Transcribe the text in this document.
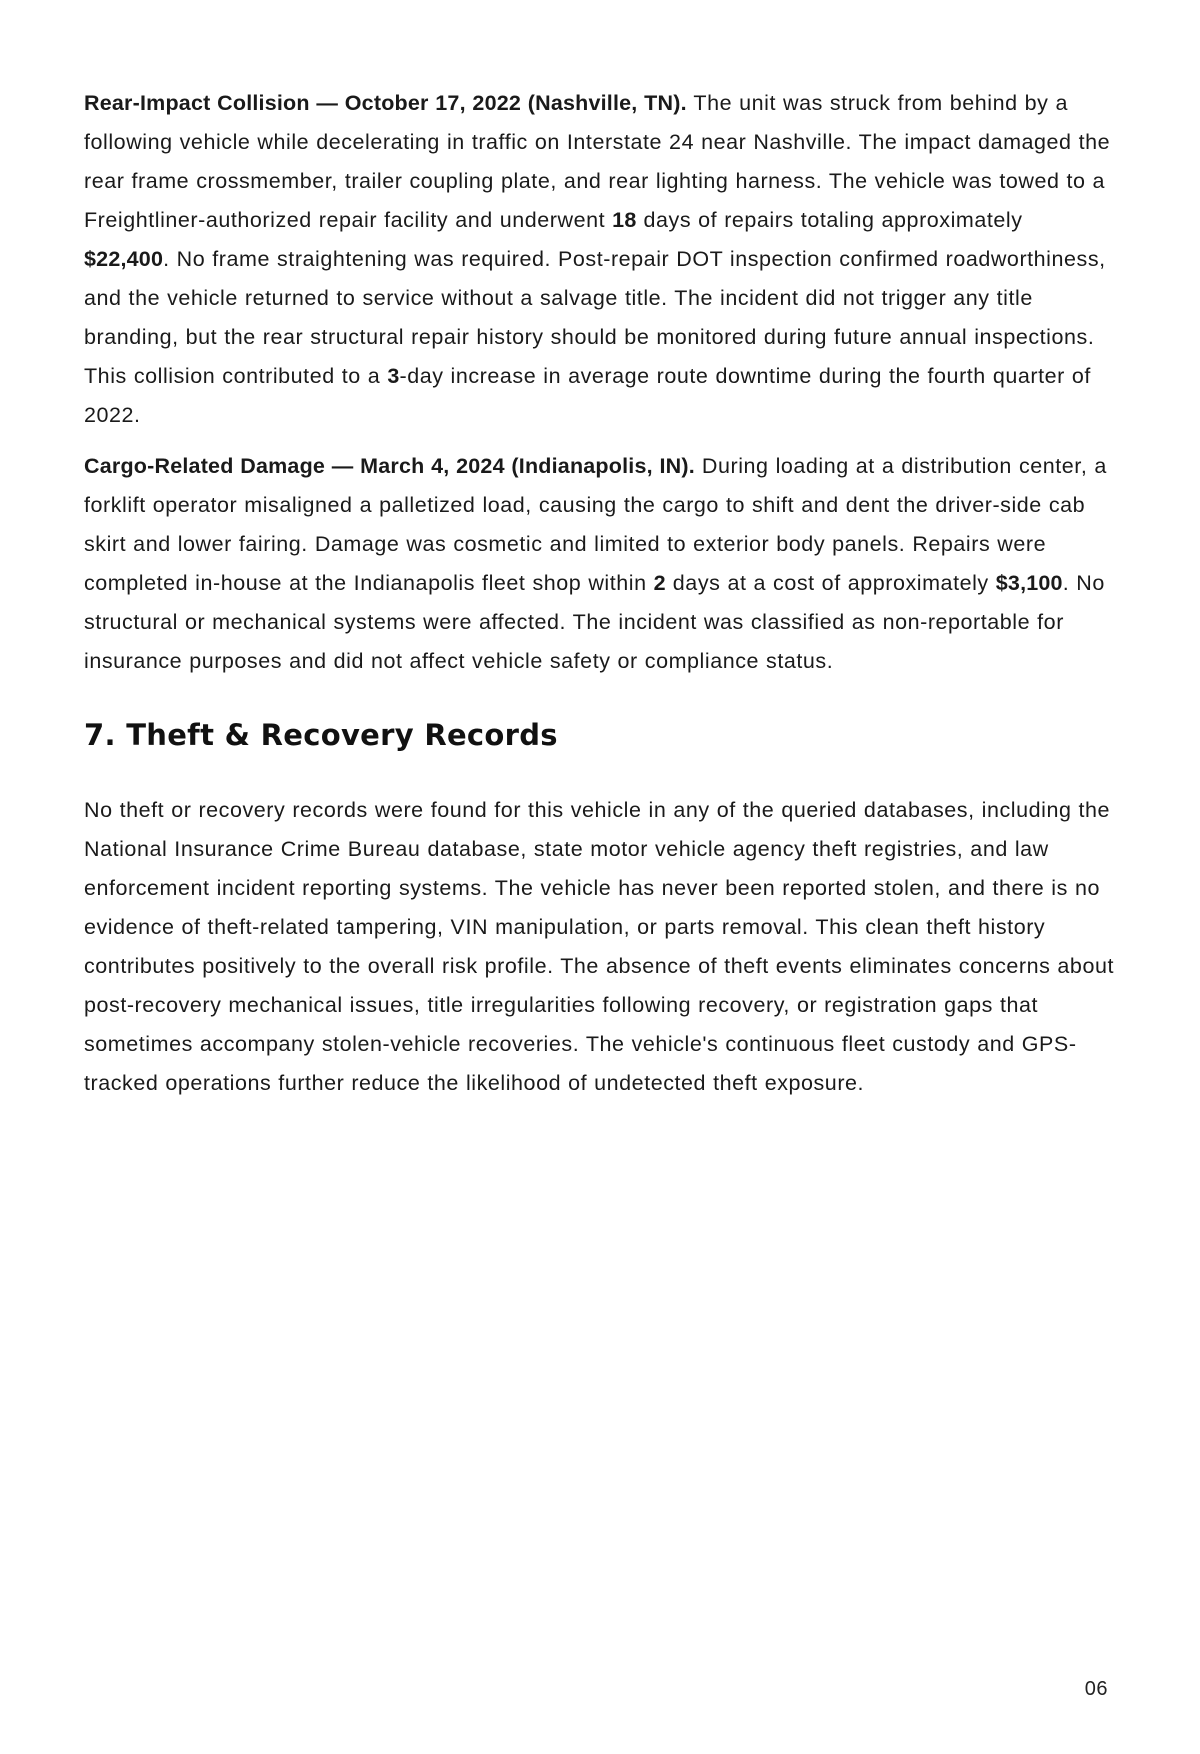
Rear-Impact Collision — October 17, 2022 (Nashville, TN). The unit was struck from behind by a following vehicle while decelerating in traffic on Interstate 24 near Nashville. The impact damaged the rear frame crossmember, trailer coupling plate, and rear lighting harness. The vehicle was towed to a Freightliner-authorized repair facility and underwent 18 days of repairs totaling approximately $22,400. No frame straightening was required. Post-repair DOT inspection confirmed roadworthiness, and the vehicle returned to service without a salvage title. The incident did not trigger any title branding, but the rear structural repair history should be monitored during future annual inspections. This collision contributed to a 3-day increase in average route downtime during the fourth quarter of 2022.

Cargo-Related Damage — March 4, 2024 (Indianapolis, IN). During loading at a distribution center, a forklift operator misaligned a palletized load, causing the cargo to shift and dent the driver-side cab skirt and lower fairing. Damage was cosmetic and limited to exterior body panels. Repairs were completed in-house at the Indianapolis fleet shop within 2 days at a cost of approximately $3,100. No structural or mechanical systems were affected. The incident was classified as non-reportable for insurance purposes and did not affect vehicle safety or compliance status.

7. Theft & Recovery Records

No theft or recovery records were found for this vehicle in any of the queried databases, including the National Insurance Crime Bureau database, state motor vehicle agency theft registries, and law enforcement incident reporting systems. The vehicle has never been reported stolen, and there is no evidence of theft-related tampering, VIN manipulation, or parts removal. This clean theft history contributes positively to the overall risk profile. The absence of theft events eliminates concerns about post-recovery mechanical issues, title irregularities following recovery, or registration gaps that sometimes accompany stolen-vehicle recoveries. The vehicle's continuous fleet custody and GPS-tracked operations further reduce the likelihood of undetected theft exposure.

06
